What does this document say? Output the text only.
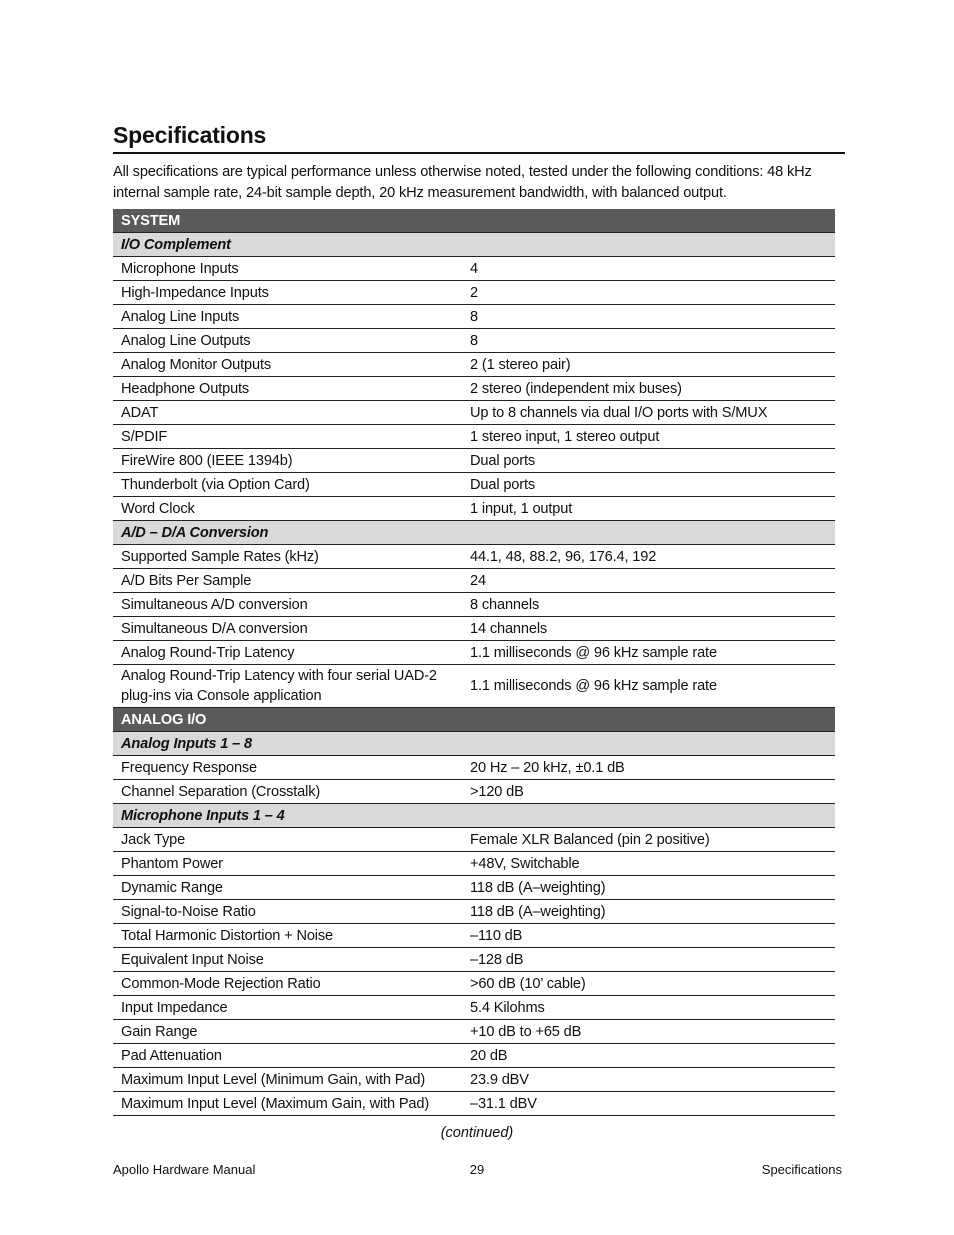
Specifications
All specifications are typical performance unless otherwise noted, tested under the following conditions: 48 kHz internal sample rate, 24-bit sample depth, 20 kHz measurement bandwidth, with balanced output.
SYSTEM	
I/O Complement	
Microphone Inputs	4
High-Impedance Inputs	2
Analog Line Inputs	8
Analog Line Outputs	8
Analog Monitor Outputs	2 (1 stereo pair)
Headphone Outputs	2 stereo (independent mix buses)
ADAT	Up to 8 channels via dual I/O ports with S/MUX
S/PDIF	1 stereo input, 1 stereo output
FireWire 800 (IEEE 1394b)	Dual ports
Thunderbolt (via Option Card)	Dual ports
Word Clock	1 input, 1 output
A/D – D/A Conversion	
Supported Sample Rates (kHz)	44.1, 48, 88.2, 96, 176.4, 192
A/D Bits Per Sample	24
Simultaneous A/D conversion	8 channels
Simultaneous D/A conversion	14 channels
Analog Round-Trip Latency	1.1 milliseconds @ 96 kHz sample rate
Analog Round-Trip Latency with four serial UAD-2 plug-ins via Console application	1.1 milliseconds @ 96 kHz sample rate
ANALOG I/O	
Analog Inputs 1 – 8	
Frequency Response	20 Hz – 20 kHz, ±0.1 dB
Channel Separation (Crosstalk)	>120 dB
Microphone Inputs 1 – 4	
Jack Type	Female XLR Balanced (pin 2 positive)
Phantom Power	+48V, Switchable
Dynamic Range	118 dB (A–weighting)
Signal-to-Noise Ratio	118 dB (A–weighting)
Total Harmonic Distortion + Noise	–110 dB
Equivalent Input Noise	–128 dB
Common-Mode Rejection Ratio	>60 dB (10’ cable)
Input Impedance	5.4 Kilohms
Gain Range	+10 dB to +65 dB
Pad Attenuation	20 dB
Maximum Input Level (Minimum Gain, with Pad)	23.9 dBV
Maximum Input Level (Maximum Gain, with Pad)	–31.1 dBV
(continued)
Apollo Hardware Manual	29	Specifications
